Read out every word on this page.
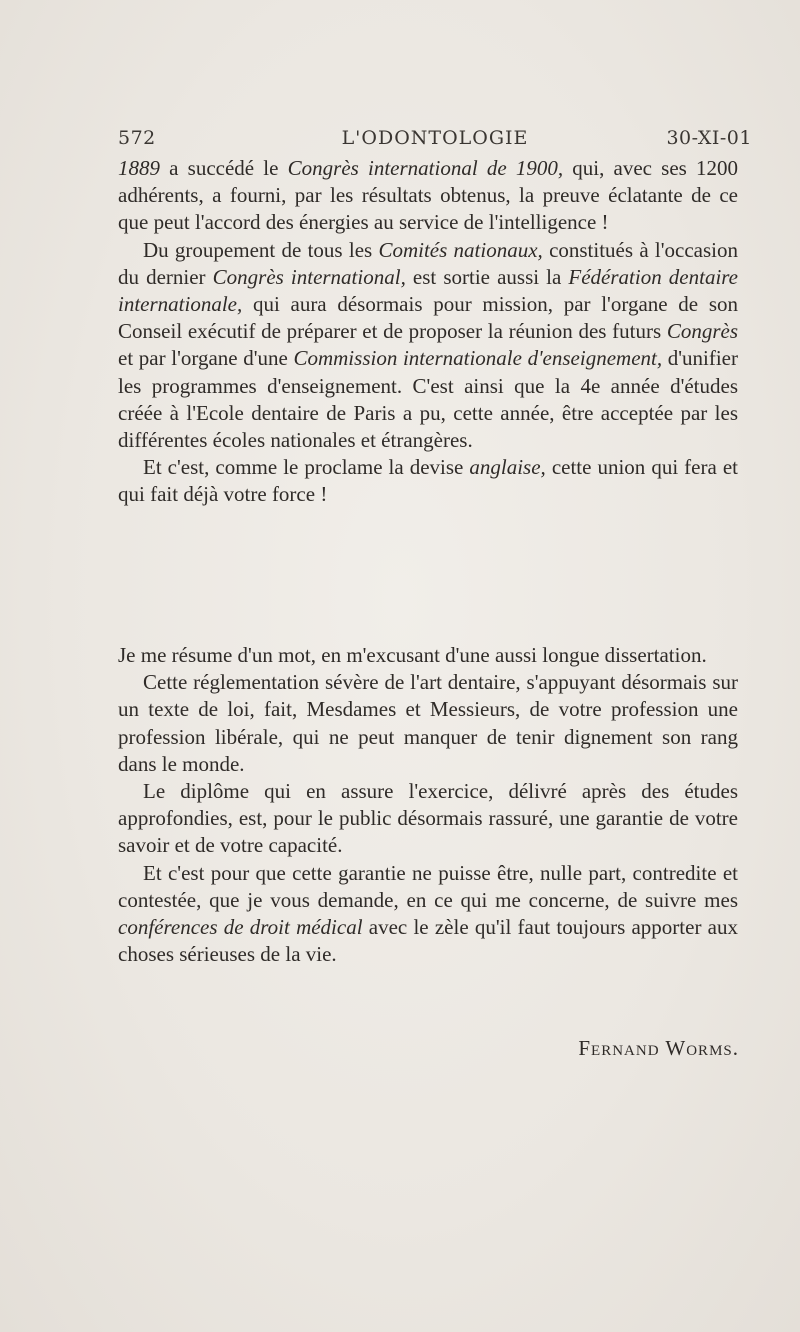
572	L'ODONTOLOGIE	30-XI-01

1889 a succédé le Congrès international de 1900, qui, avec ses 1200 adhérents, a fourni, par les résultats obtenus, la preuve éclatante de ce que peut l'accord des énergies au service de l'intelligence !

Du groupement de tous les Comités nationaux, constitués à l'occasion du dernier Congrès international, est sortie aussi la Fédération dentaire internationale, qui aura désormais pour mission, par l'organe de son Conseil exécutif de préparer et de proposer la réunion des futurs Congrès et par l'organe d'une Commission internationale d'enseignement, d'unifier les programmes d'enseignement. C'est ainsi que la 4e année d'études créée à l'Ecole dentaire de Paris a pu, cette année, être acceptée par les différentes écoles nationales et étrangères.

Et c'est, comme le proclame la devise anglaise, cette union qui fera et qui fait déjà votre force !

Je me résume d'un mot, en m'excusant d'une aussi longue dissertation.

Cette réglementation sévère de l'art dentaire, s'appuyant désormais sur un texte de loi, fait, Mesdames et Messieurs, de votre profession une profession libérale, qui ne peut manquer de tenir dignement son rang dans le monde.

Le diplôme qui en assure l'exercice, délivré après des études approfondies, est, pour le public désormais rassuré, une garantie de votre savoir et de votre capacité.

Et c'est pour que cette garantie ne puisse être, nulle part, contredite et contestée, que je vous demande, en ce qui me concerne, de suivre mes conférences de droit médical avec le zèle qu'il faut toujours apporter aux choses sérieuses de la vie.

Fernand Worms.
